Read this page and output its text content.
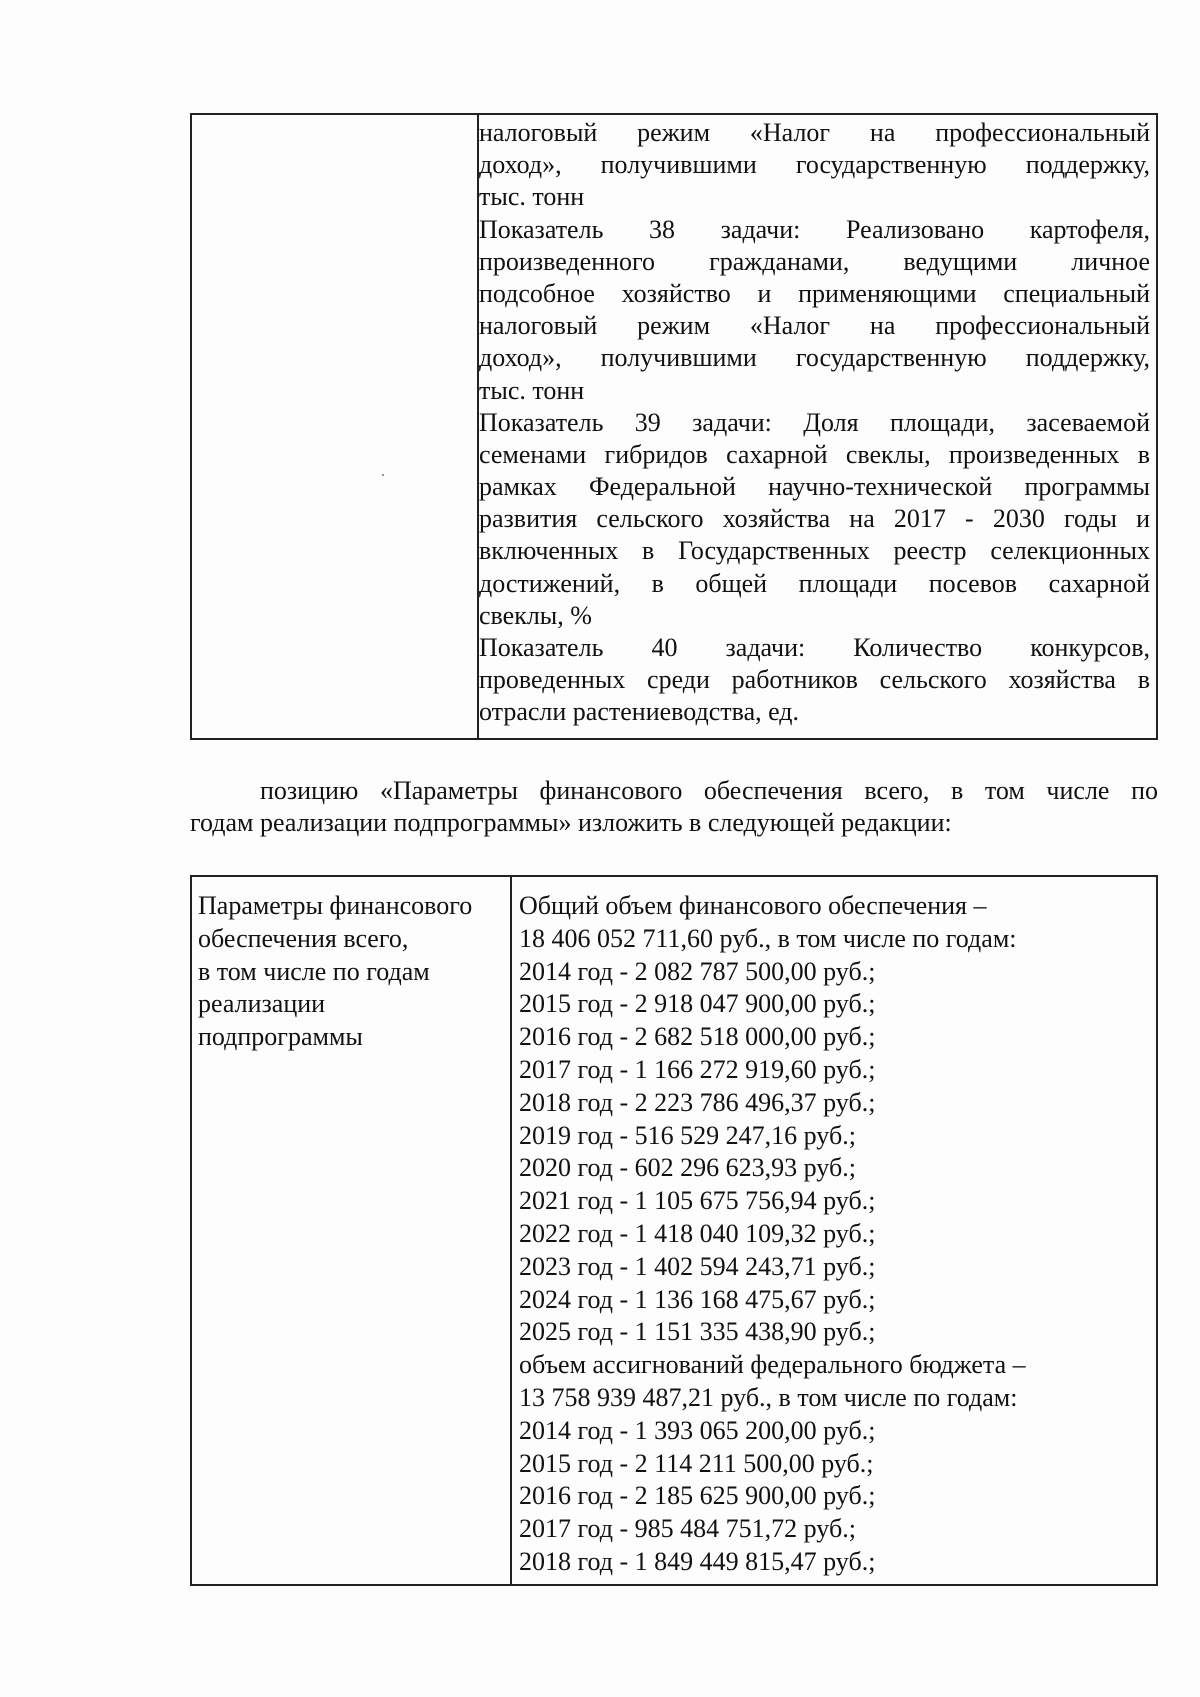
налоговый режим «Налог на профессиональный
доход», получившими государственную поддержку,
тыс. тонн
Показатель 38 задачи: Реализовано картофеля,
произведенного гражданами, ведущими личное
подсобное хозяйство и применяющими специальный
налоговый режим «Налог на профессиональный
доход», получившими государственную поддержку,
тыс. тонн
Показатель 39 задачи: Доля площади, засеваемой
семенами гибридов сахарной свеклы, произведенных в
рамках Федеральной научно-технической программы
развития сельского хозяйства на 2017 - 2030 годы и
включенных в Государственных реестр селекционных
достижений, в общей площади посевов сахарной
свеклы, %
Показатель 40 задачи: Количество конкурсов,
проведенных среди работников сельского хозяйства в
отрасли растениеводства, ед.
позицию «Параметры финансового обеспечения всего, в том числе по
годам реализации подпрограммы» изложить в следующей редакции:
Параметры финансового
обеспечения всего,
в том числе по годам
реализации
подпрограммы
Общий объем финансового обеспечения –
18 406 052 711,60 руб., в том числе по годам:
2014 год - 2 082 787 500,00 руб.;
2015 год - 2 918 047 900,00 руб.;
2016 год - 2 682 518 000,00 руб.;
2017 год - 1 166 272 919,60 руб.;
2018 год - 2 223 786 496,37 руб.;
2019 год - 516 529 247,16 руб.;
2020 год - 602 296 623,93 руб.;
2021 год - 1 105 675 756,94 руб.;
2022 год - 1 418 040 109,32 руб.;
2023 год - 1 402 594 243,71 руб.;
2024 год - 1 136 168 475,67 руб.;
2025 год - 1 151 335 438,90 руб.;
объем ассигнований федерального бюджета –
13 758 939 487,21 руб., в том числе по годам:
2014 год - 1 393 065 200,00 руб.;
2015 год - 2 114 211 500,00 руб.;
2016 год - 2 185 625 900,00 руб.;
2017 год - 985 484 751,72 руб.;
2018 год - 1 849 449 815,47 руб.;
